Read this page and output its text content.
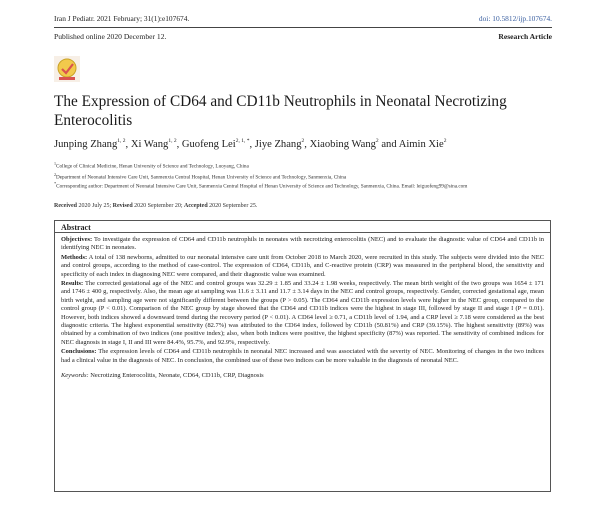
Iran J Pediatr. 2021 February; 31(1):e107674.	doi: 10.5812/ijp.107674.
Published online 2020 December 12.	Research Article
The Expression of CD64 and CD11b Neutrophils in Neonatal Necrotizing Enterocolitis
Junping Zhang$^{1, 2}$, Xi Wang$^{1, 2}$, Guofeng Lei$^{2, 1, *}$, Jiye Zhang$^2$, Xiaobing Wang$^2$ and Aimin Xie$^2$
$^1$College of Clinical Medicine, Henan University of Science and Technology, Luoyang, China
$^2$Department of Neonatal Intensive Care Unit, Sanmenxia Central Hospital, Henan University of Science and Technology, Sanmenxia, China
*Corresponding author: Department of Neonatal Intensive Care Unit, Sanmenxia Central Hospital of Henan University of Science and Technology, Sanmenxia, China. Email: leiguofeng99@sina.com
Received 2020 July 25; Revised 2020 September 20; Accepted 2020 September 25.
Abstract

Objectives: To investigate the expression of CD64 and CD11b neutrophils in neonates with necrotizing enterocolitis (NEC) and to evaluate the diagnostic value of CD64 and CD11b in identifying NEC in neonates.

Methods: A total of 138 newborns, admitted to our neonatal intensive care unit from October 2018 to March 2020, were recruited in this study. The subjects were divided into the NEC and control groups, according to the method of case-control. The expression of CD64, CD11b, and C-reactive protein (CRP) was measured in the peripheral blood, the sensitivity and specificity of each index in diagnosing NEC were compared, and their diagnostic value was examined.

Results: The corrected gestational age of the NEC and control groups was 32.29 ± 1.85 and 33.24 ± 1.98 weeks, respectively. The mean birth weight of the two groups was 1654 ± 171 and 1746 ± 400 g, respectively. Also, the mean age at sampling was 11.6 ± 3.11 and 11.7 ± 3.14 days in the NEC and control groups, respectively. Gender, corrected gestational age, mean birth weight, and sampling age were not significantly different between the groups (P > 0.05). The CD64 and CD11b expression levels were higher in the NEC group, compared to the control group (P < 0.01). Comparison of the NEC group by stage showed that the CD64 and CD11b indices were the highest in stage III, followed by stage II and stage I (P = 0.01). However, both indices showed a downward trend during the recovery period (P < 0.01). A CD64 level ≥ 0.71, a CD11b level of 1.94, and a CRP level ≥ 7.18 were considered as the best diagnostic criteria. The highest exponential sensitivity (82.7%) was attributed to the CD64 index, followed by CD11b (50.81%) and CRP (39.15%). The highest sensitivity (89%) was obtained by a combination of two indices (one positive index); also, when both indices were positive, the highest specificity (87%) was reported. The sensitivity of combined indices for NEC diagnosis in stage I, II and III were 84.4%, 95.7%, and 92.9%, respectively.

Conclusions: The expression levels of CD64 and CD11b neutrophils in neonatal NEC increased and was associated with the severity of NEC. Monitoring of changes in the two indices had a clinical value in the diagnosis of NEC. In conclusion, the combined use of these two indices can be more valuable in the diagnosis of neonatal NEC.

Keywords: Necrotizing Enterocolitis, Neonate, CD64, CD11b, CRP, Diagnosis
